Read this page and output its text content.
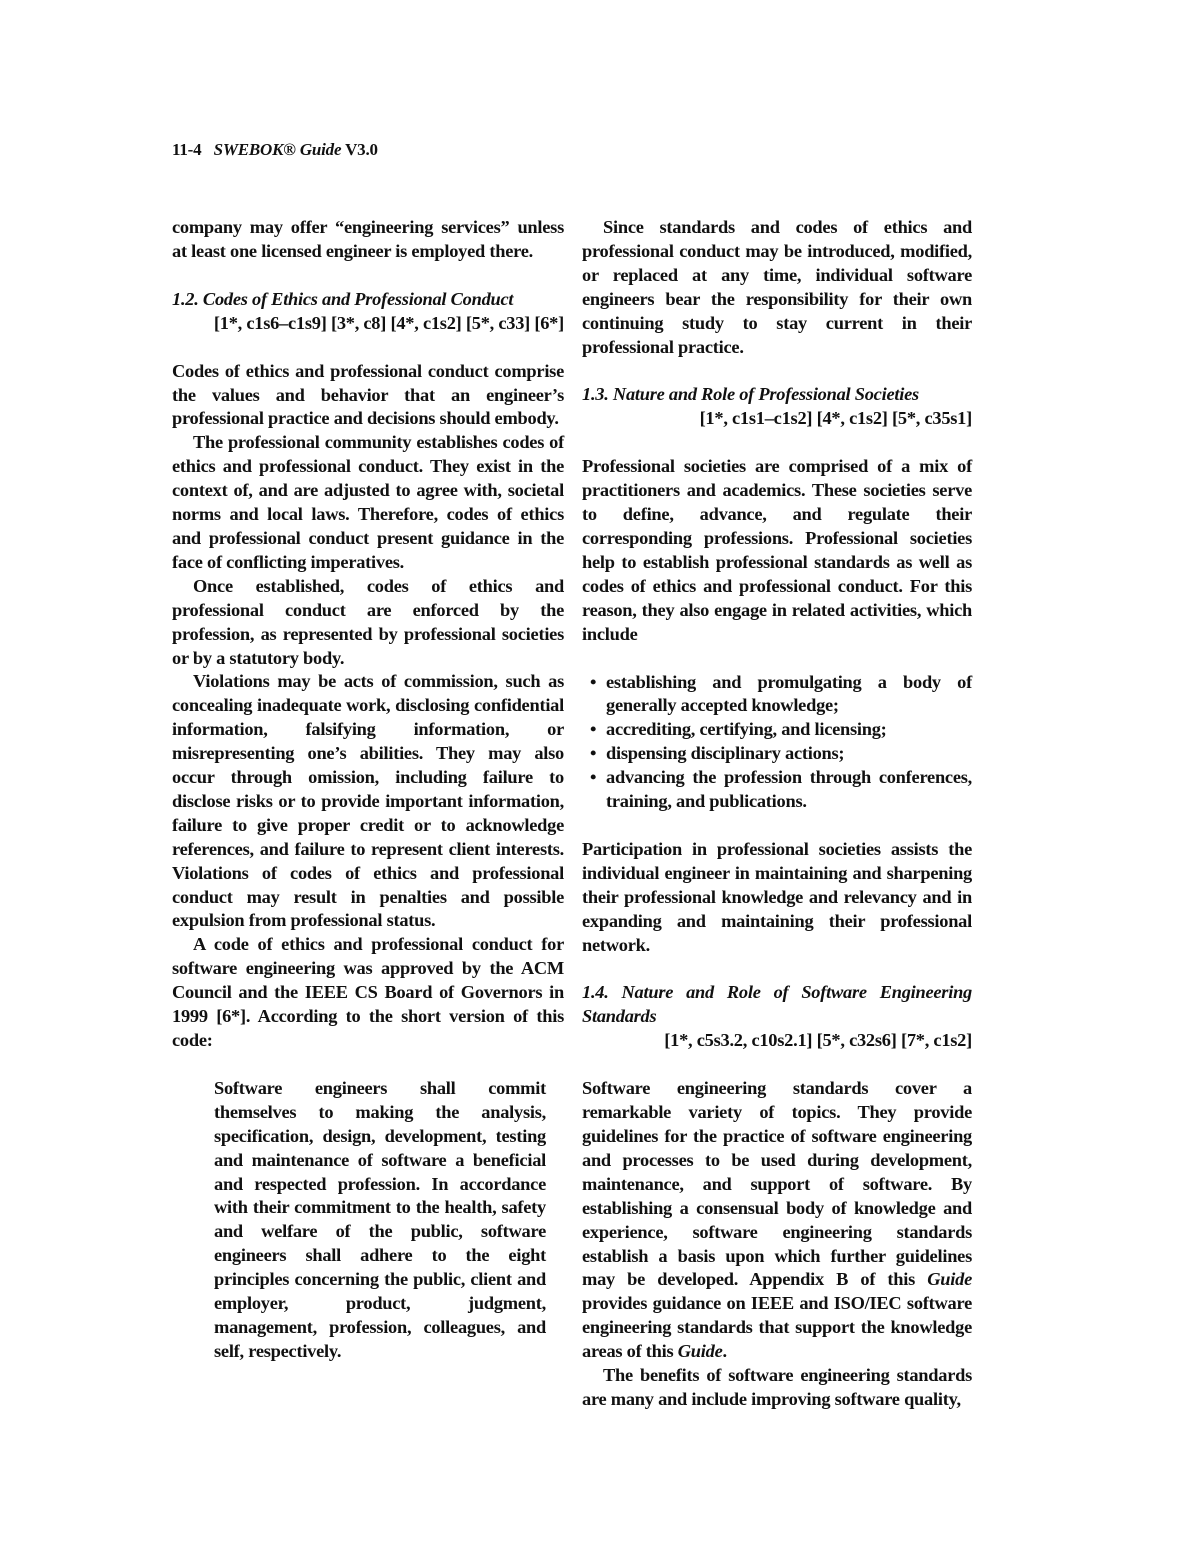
11-4 SWEBOK® Guide V3.0

company may offer “engineering services” unless at least one licensed engineer is employed there.

1.2. Codes of Ethics and Professional Conduct

[1*, c1s6–c1s9] [3*, c8] [4*, c1s2] [5*, c33] [6*]

Codes of ethics and professional conduct comprise the values and behavior that an engineer’s professional practice and decisions should embody.

The professional community establishes codes of ethics and professional conduct. They exist in the context of, and are adjusted to agree with, societal norms and local laws. Therefore, codes of ethics and professional conduct present guidance in the face of conflicting imperatives.

Once established, codes of ethics and professional conduct are enforced by the profession, as represented by professional societies or by a statutory body.

Violations may be acts of commission, such as concealing inadequate work, disclosing confidential information, falsifying information, or misrepresenting one’s abilities. They may also occur through omission, including failure to disclose risks or to provide important information, failure to give proper credit or to acknowledge references, and failure to represent client interests. Violations of codes of ethics and professional conduct may result in penalties and possible expulsion from professional status.

A code of ethics and professional conduct for software engineering was approved by the ACM Council and the IEEE CS Board of Governors in 1999 [6*]. According to the short version of this code:

Software engineers shall commit themselves to making the analysis, specification, design, development, testing and maintenance of software a beneficial and respected profession. In accordance with their commitment to the health, safety and welfare of the public, software engineers shall adhere to the eight principles concerning the public, client and employer, product, judgment, management, profession, colleagues, and self, respectively.

Since standards and codes of ethics and professional conduct may be introduced, modified, or replaced at any time, individual software engineers bear the responsibility for their own continuing study to stay current in their professional practice.

1.3. Nature and Role of Professional Societies

[1*, c1s1–c1s2] [4*, c1s2] [5*, c35s1]

Professional societies are comprised of a mix of practitioners and academics. These societies serve to define, advance, and regulate their corresponding professions. Professional societies help to establish professional standards as well as codes of ethics and professional conduct. For this reason, they also engage in related activities, which include

• establishing and promulgating a body of generally accepted knowledge;
• accrediting, certifying, and licensing;
• dispensing disciplinary actions;
• advancing the profession through conferences, training, and publications.

Participation in professional societies assists the individual engineer in maintaining and sharpening their professional knowledge and relevancy and in expanding and maintaining their professional network.

1.4. Nature and Role of Software Engineering Standards

[1*, c5s3.2, c10s2.1] [5*, c32s6] [7*, c1s2]

Software engineering standards cover a remarkable variety of topics. They provide guidelines for the practice of software engineering and processes to be used during development, maintenance, and support of software. By establishing a consensual body of knowledge and experience, software engineering standards establish a basis upon which further guidelines may be developed. Appendix B of this Guide provides guidance on IEEE and ISO/IEC software engineering standards that support the knowledge areas of this Guide.

The benefits of software engineering standards are many and include improving software quality,
